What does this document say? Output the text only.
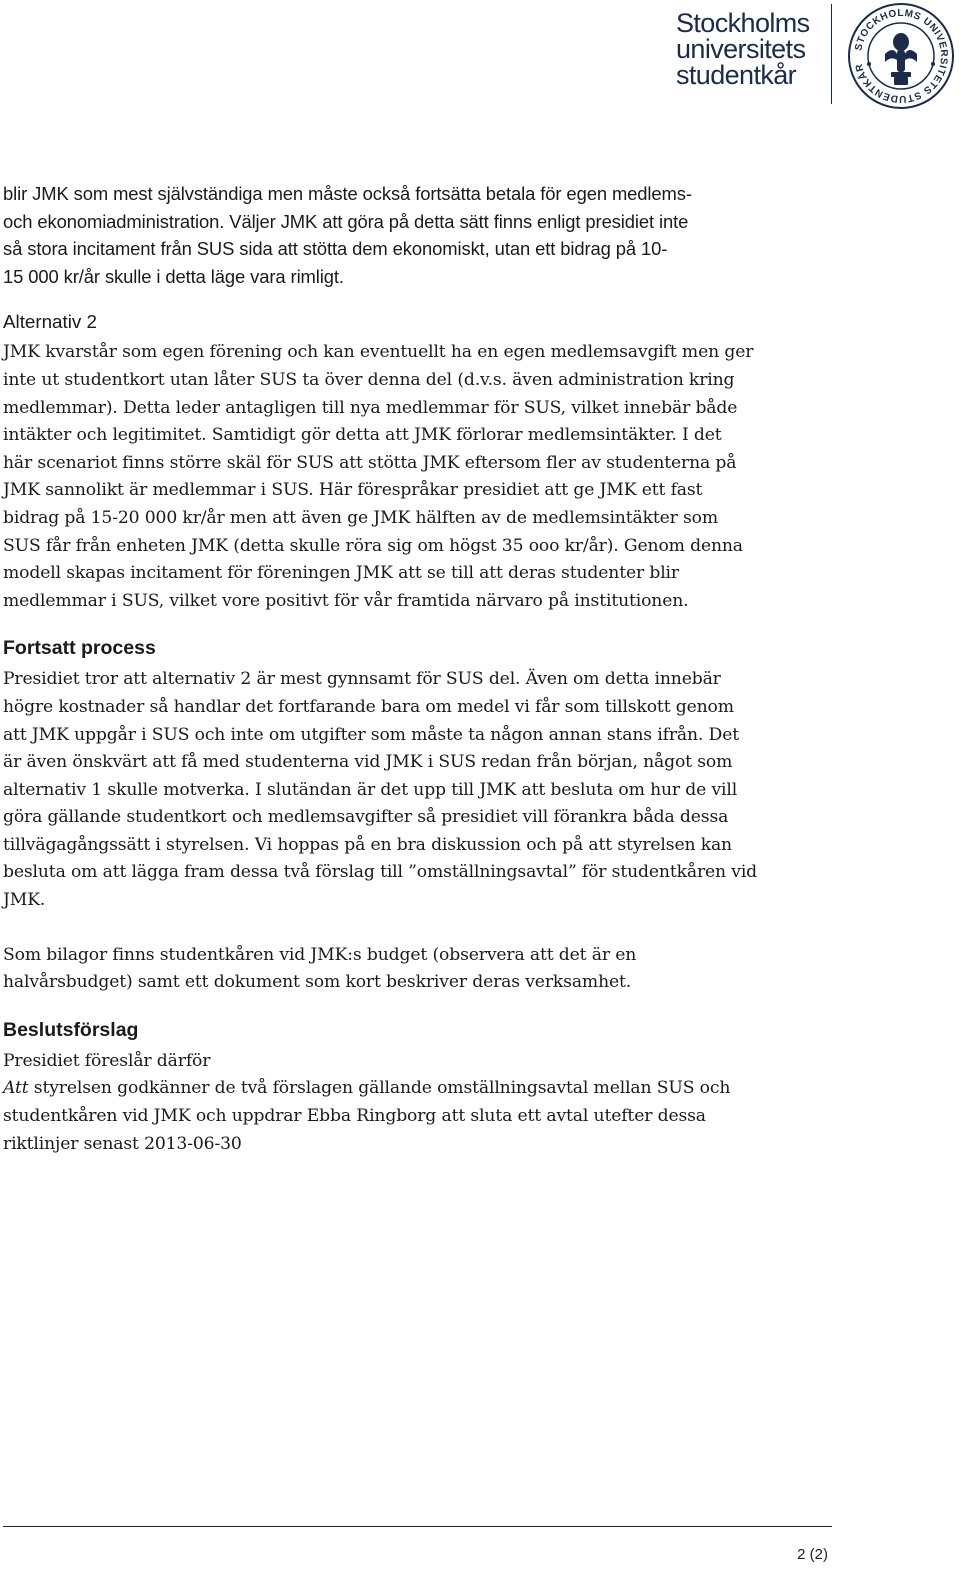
Stockholms
universitets
studentkår
STOCKHOLMS UNIVERSITETS STUDENTKÅR

blir JMK som mest självständiga men måste också fortsätta betala för egen medlems-
och ekonomiadministration. Väljer JMK att göra på detta sätt finns enligt presidiet inte
så stora incitament från SUS sida att stötta dem ekonomiskt, utan ett bidrag på 10-
15 000 kr/år skulle i detta läge vara rimligt.

Alternativ 2

JMK kvarstår som egen förening och kan eventuellt ha en egen medlemsavgift men ger
inte ut studentkort utan låter SUS ta över denna del (d.v.s. även administration kring
medlemmar). Detta leder antagligen till nya medlemmar för SUS, vilket innebär både
intäkter och legitimitet. Samtidigt gör detta att JMK förlorar medlemsintäkter. I det
här scenariot finns större skäl för SUS att stötta JMK eftersom fler av studenterna på
JMK sannolikt är medlemmar i SUS. Här förespråkar presidiet att ge JMK ett fast
bidrag på 15-20 000 kr/år men att även ge JMK hälften av de medlemsintäkter som
SUS får från enheten JMK (detta skulle röra sig om högst 35 ooo kr/år). Genom denna
modell skapas incitament för föreningen JMK att se till att deras studenter blir
medlemmar i SUS, vilket vore positivt för vår framtida närvaro på institutionen.

Fortsatt process

Presidiet tror att alternativ 2 är mest gynnsamt för SUS del. Även om detta innebär
högre kostnader så handlar det fortfarande bara om medel vi får som tillskott genom
att JMK uppgår i SUS och inte om utgifter som måste ta någon annan stans ifrån. Det
är även önskvärt att få med studenterna vid JMK i SUS redan från början, något som
alternativ 1 skulle motverka. I slutändan är det upp till JMK att besluta om hur de vill
göra gällande studentkort och medlemsavgifter så presidiet vill förankra båda dessa
tillvägagångssätt i styrelsen. Vi hoppas på en bra diskussion och på att styrelsen kan
besluta om att lägga fram dessa två förslag till ”omställningsavtal” för studentkåren vid
JMK.

Som bilagor finns studentkåren vid JMK:s budget (observera att det är en
halvårsbudget) samt ett dokument som kort beskriver deras verksamhet.

Beslutsförslag

Presidiet föreslår därför
Att styrelsen godkänner de två förslagen gällande omställningsavtal mellan SUS och
studentkåren vid JMK och uppdrar Ebba Ringborg att sluta ett avtal utefter dessa
riktlinjer senast 2013-06-30

2 (2)
